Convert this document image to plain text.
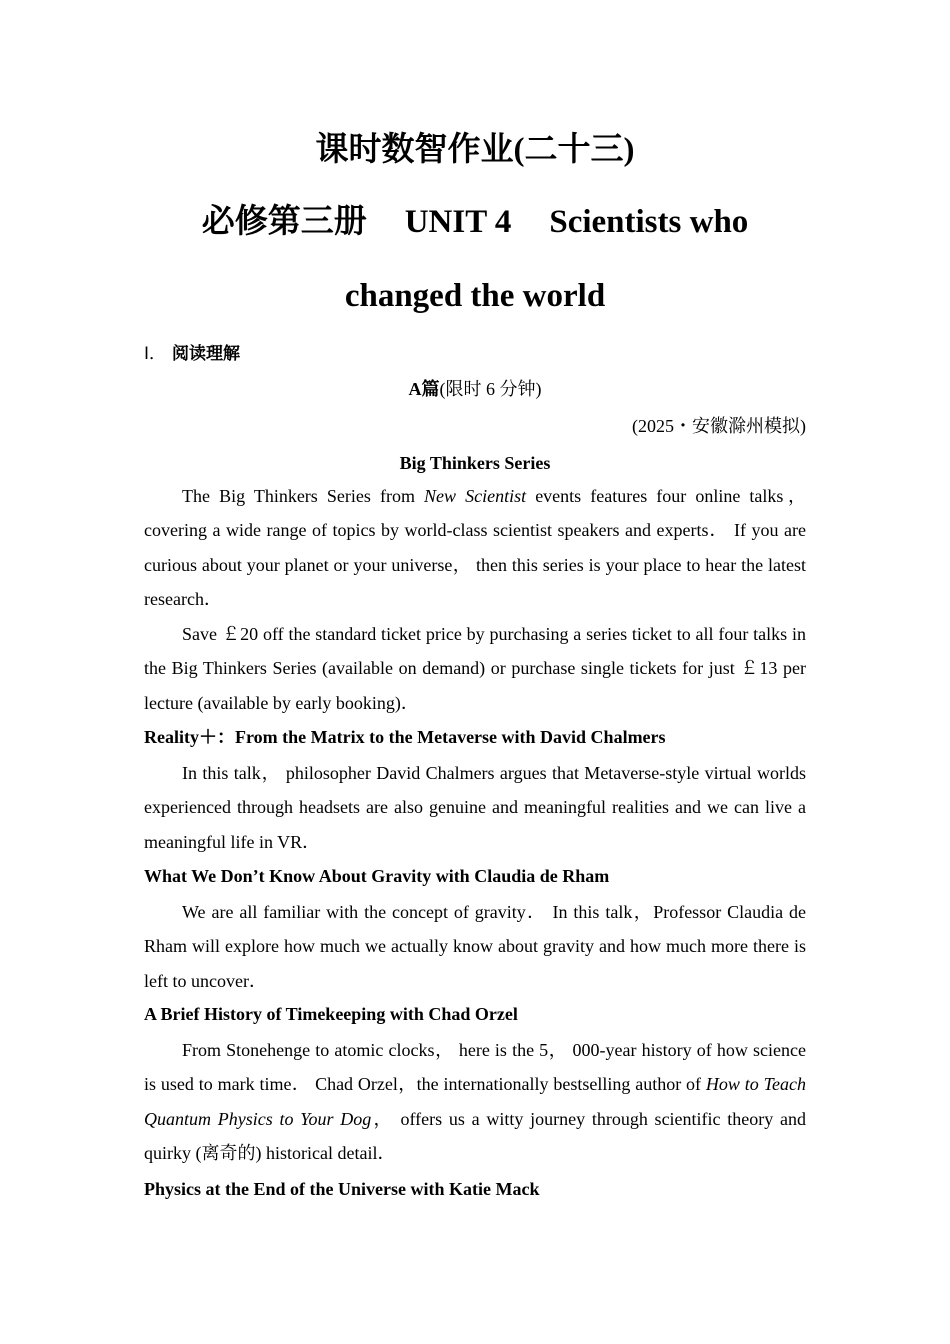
课时数智作业(二十三)
必修第三册 UNIT 4 Scientists who
changed the world
Ⅰ． 阅读理解
A篇(限时 6 分钟)
(2025・安徽滁州模拟)
Big Thinkers Series
The Big Thinkers Series from New Scientist events features four online talks， covering a wide range of topics by world-class scientist speakers and experts． If you are curious about your planet or your universe， then this series is your place to hear the latest research．
Save ￡20 off the standard ticket price by purchasing a series ticket to all four talks in the Big Thinkers Series (available on demand) or purchase single tickets for just ￡13 per lecture (available by early booking)．
Reality＋：From the Matrix to the Metaverse with David Chalmers
In this talk， philosopher David Chalmers argues that Metaverse-style virtual worlds experienced through headsets are also genuine and meaningful realities and we can live a meaningful life in VR．
What We Don’t Know About Gravity with Claudia de Rham
We are all familiar with the concept of gravity． In this talk，Professor Claudia de Rham will explore how much we actually know about gravity and how much more there is left to uncover．
A Brief History of Timekeeping with Chad Orzel
From Stonehenge to atomic clocks， here is the 5， 000-year history of how science is used to mark time． Chad Orzel，the internationally bestselling author of How to Teach Quantum Physics to Your Dog， offers us a witty journey through scientific theory and quirky (离奇的) historical detail．
Physics at the End of the Universe with Katie Mack
